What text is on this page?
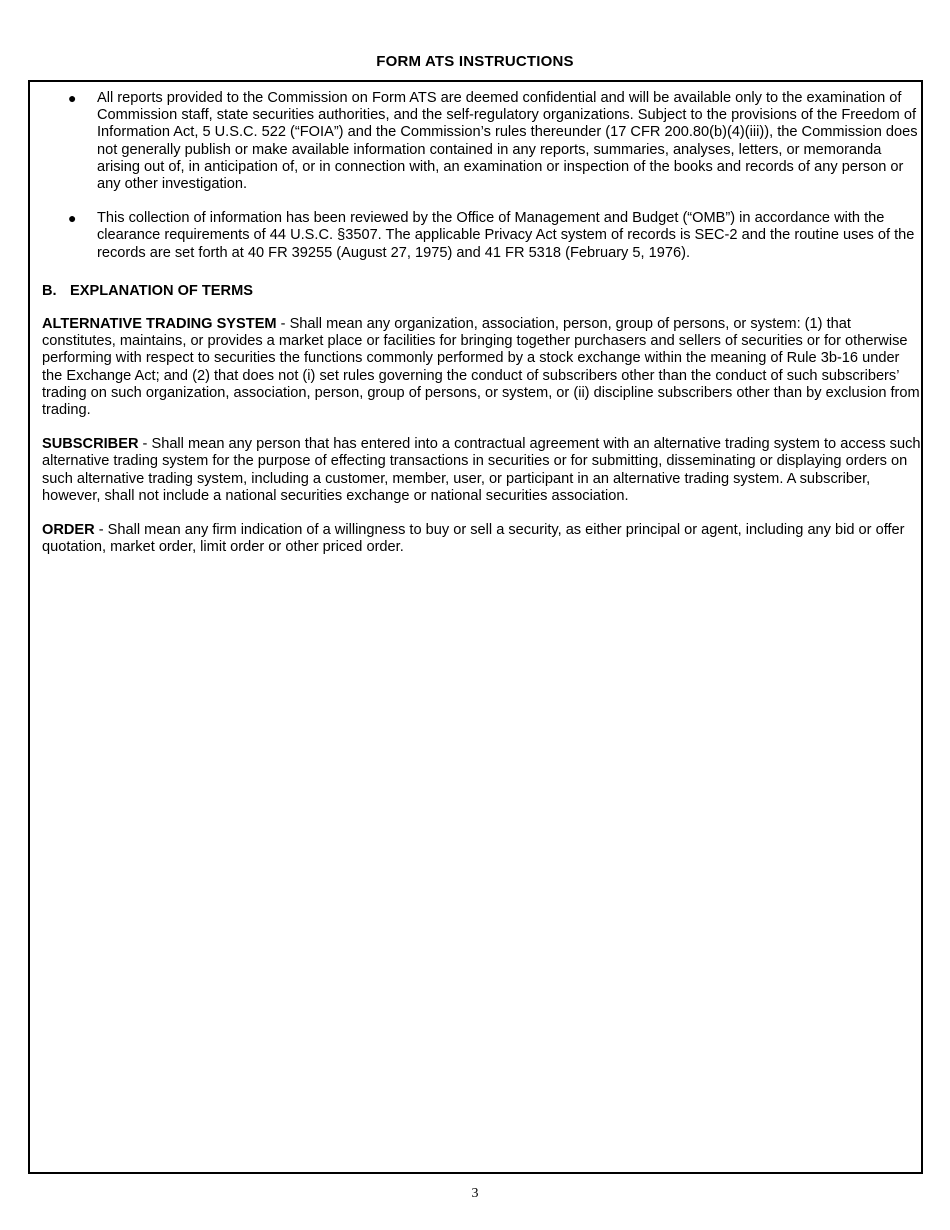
FORM ATS INSTRUCTIONS
● All reports provided to the Commission on Form ATS are deemed confidential and will be available only to the examination of Commission staff, state securities authorities, and the self-regulatory organizations. Subject to the provisions of the Freedom of Information Act, 5 U.S.C. 522 (“FOIA”) and the Commission’s rules thereunder (17 CFR 200.80(b)(4)(iii)), the Commission does not generally publish or make available information contained in any reports, summaries, analyses, letters, or memoranda arising out of, in anticipation of, or in connection with, an examination or inspection of the books and records of any person or any other investigation.
● This collection of information has been reviewed by the Office of Management and Budget (“OMB”) in accordance with the clearance requirements of 44 U.S.C. §3507. The applicable Privacy Act system of records is SEC-2 and the routine uses of the records are set forth at 40 FR 39255 (August 27, 1975) and 41 FR 5318 (February 5, 1976).
B. EXPLANATION OF TERMS

ALTERNATIVE TRADING SYSTEM - Shall mean any organization, association, person, group of persons, or system: (1) that constitutes, maintains, or provides a market place or facilities for bringing together purchasers and sellers of securities or for otherwise performing with respect to securities the functions commonly performed by a stock exchange within the meaning of Rule 3b-16 under the Exchange Act; and (2) that does not (i) set rules governing the conduct of subscribers other than the conduct of such subscribers’ trading on such organization, association, person, group of persons, or system, or (ii) discipline subscribers other than by exclusion from trading.

SUBSCRIBER - Shall mean any person that has entered into a contractual agreement with an alternative trading system to access such alternative trading system for the purpose of effecting transactions in securities or for submitting, disseminating or displaying orders on such alternative trading system, including a customer, member, user, or participant in an alternative trading system. A subscriber, however, shall not include a national securities exchange or national securities association.

ORDER - Shall mean any firm indication of a willingness to buy or sell a security, as either principal or agent, including any bid or offer quotation, market order, limit order or other priced order.

3
